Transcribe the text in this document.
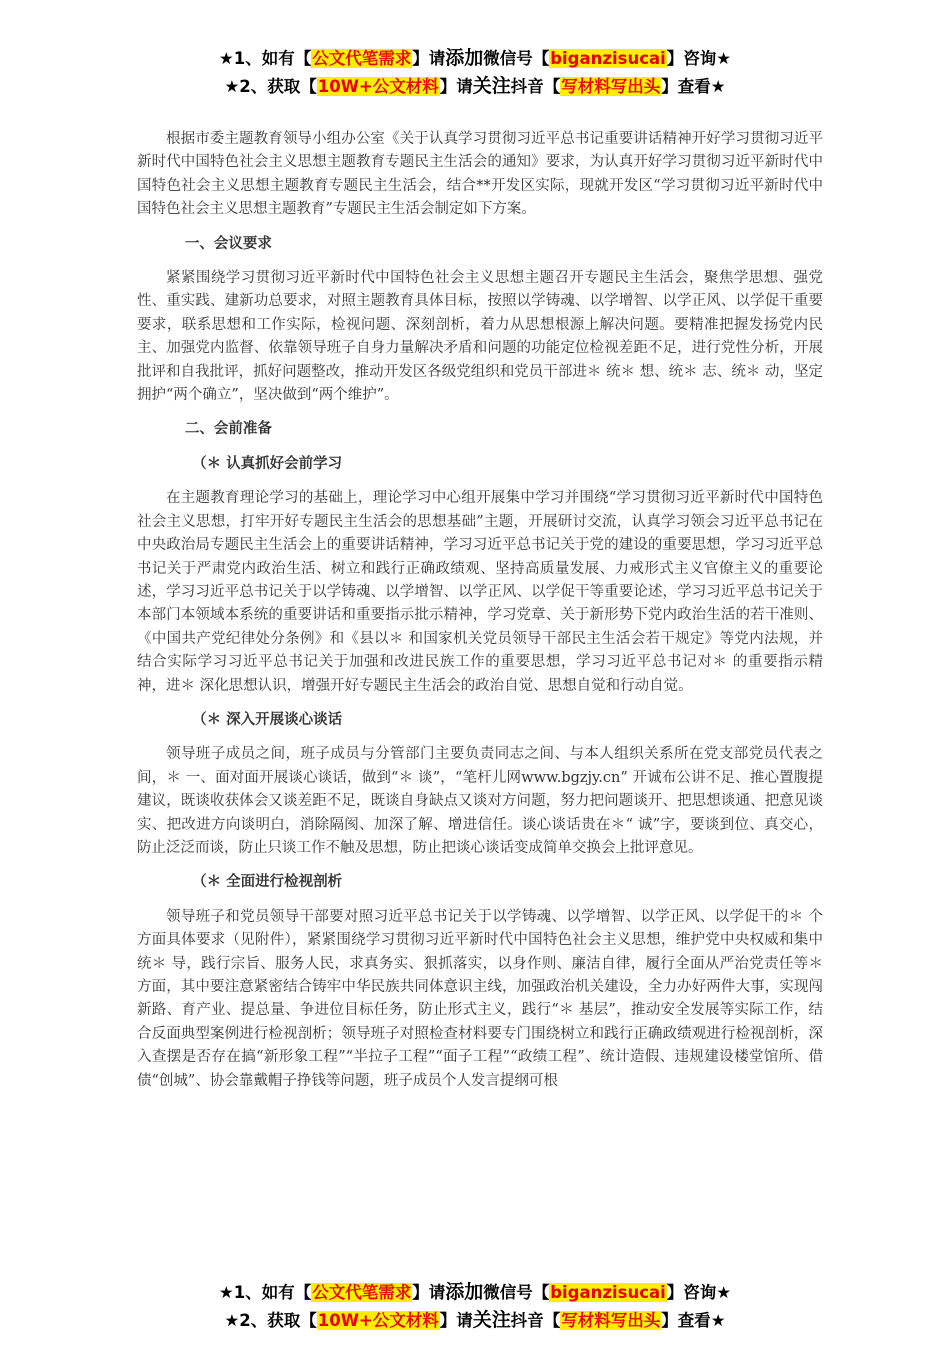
★1、如有【公文代笔需求】请添加微信号【biganzisucai】咨询★
★2、获取【10W+公文材料】请关注抖音【写材料写出头】查看★

根据市委主题教育领导小组办公室《关于认真学习贯彻习近平总书记重要讲话精神开好学习贯彻习近平新时代中国特色社会主义思想主题教育专题民主生活会的通知》要求，为认真开好学习贯彻习近平新时代中国特色社会主义思想主题教育专题民主生活会，结合**开发区实际，现就开发区“学习贯彻习近平新时代中国特色社会主义思想主题教育”专题民主生活会制定如下方案。

一、会议要求

紧紧围绕学习贯彻习近平新时代中国特色社会主义思想主题召开专题民主生活会，聚焦学思想、强党性、重实践、建新功总要求，对照主题教育具体目标，按照以学铸魂、以学增智、以学正风、以学促干重要要求，联系思想和工作实际，检视问题、深刻剖析，着力从思想根源上解决问题。要精准把握发扬党内民主、加强党内监督、依靠领导班子自身力量解决矛盾和问题的功能定位检视差距不足，进行党性分析，开展批评和自我批评，抓好问题整改，推动开发区各级党组织和党员干部进＊ 统＊ 想、统＊ 志、统＊ 动，坚定拥护“两个确立”，坚决做到“两个维护”。

二、会前准备
（＊ 认真抓好会前学习

在主题教育理论学习的基础上，理论学习中心组开展集中学习并围绕“学习贯彻习近平新时代中国特色社会主义思想，打牢开好专题民主生活会的思想基础”主题，开展研讨交流，认真学习领会习近平总书记在中央政治局专题民主生活会上的重要讲话精神，学习习近平总书记关于党的建设的重要思想，学习习近平总书记关于严肃党内政治生活、树立和践行正确政绩观、坚持高质量发展、力戒形式主义官僚主义的重要论述，学习习近平总书记关于以学铸魂、以学增智、以学正风、以学促干等重要论述，学习习近平总书记关于本部门本领域本系统的重要讲话和重要指示批示精神，学习党章、关于新形势下党内政治生活的若干准则、《中国共产党纪律处分条例》和《县以＊ 和国家机关党员领导干部民主生活会若干规定》等党内法规，并结合实际学习习近平总书记关于加强和改进民族工作的重要思想，学习习近平总书记对＊ 的重要指示精神，进＊ 深化思想认识，增强开好专题民主生活会的政治自觉、思想自觉和行动自觉。

（＊ 深入开展谈心谈话

领导班子成员之间，班子成员与分管部门主要负责同志之间、与本人组织关系所在党支部党员代表之间，＊ 一、面对面开展谈心谈话，做到“＊ 谈”，“笔杆儿网www.bgzjy.cn” 开诚布公讲不足、推心置腹提建议，既谈收获体会又谈差距不足，既谈自身缺点又谈对方问题，努力把问题谈开、把思想谈通、把意见谈实、把改进方向谈明白，消除隔阂、加深了解、增进信任。谈心谈话贵在＊“ 诚”字，要谈到位、真交心，防止泛泛而谈，防止只谈工作不触及思想，防止把谈心谈话变成简单交换会上批评意见。

（＊ 全面进行检视剖析

领导班子和党员领导干部要对照习近平总书记关于以学铸魂、以学增智、以学正风、以学促干的＊ 个方面具体要求（见附件），紧紧围绕学习贯彻习近平新时代中国特色社会主义思想，维护党中央权威和集中统＊ 导，践行宗旨、服务人民，求真务实、狠抓落实，以身作则、廉洁自律，履行全面从严治党责任等＊ 方面，其中要注意紧密结合铸牢中华民族共同体意识主线，加强政治机关建设，全力办好两件大事，实现闯新路、育产业、提总量、争进位目标任务，防止形式主义，践行“＊ 基层”，推动安全发展等实际工作，结合反面典型案例进行检视剖析；领导班子对照检查材料要专门围绕树立和践行正确政绩观进行检视剖析，深入查摆是否存在搞“新形象工程”“半拉子工程”“面子工程”“政绩工程”、统计造假、违规建设楼堂馆所、借债“创城”、协会靠戴帽子挣钱等问题，班子成员个人发言提纲可根

★1、如有【公文代笔需求】请添加微信号【biganzisucai】咨询★
★2、获取【10W+公文材料】请关注抖音【写材料写出头】查看★
